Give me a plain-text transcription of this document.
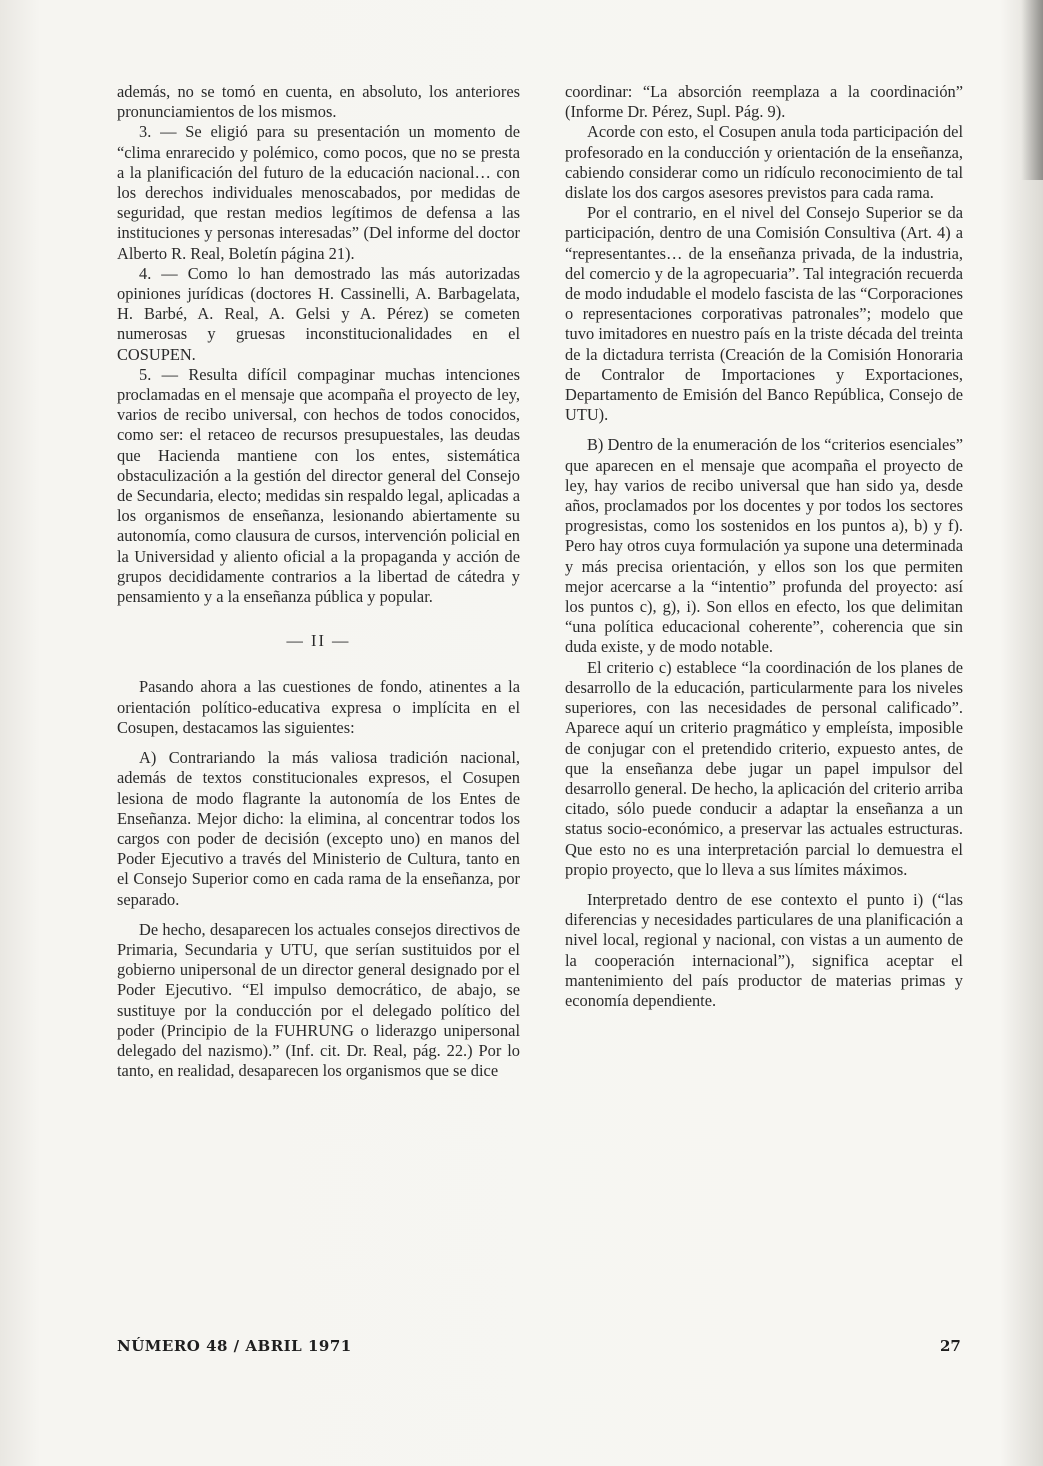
además, no se tomó en cuenta, en absoluto, los anteriores pronunciamientos de los mismos.

3. — Se eligió para su presentación un momento de “clima enrarecido y polémico, como pocos, que no se presta a la planificación del futuro de la educación nacional… con los derechos individuales menoscabados, por medidas de seguridad, que restan medios legítimos de defensa a las instituciones y personas interesadas” (Del informe del doctor Alberto R. Real, Boletín página 21).

4. — Como lo han demostrado las más autorizadas opiniones jurídicas (doctores H. Cassinelli, A. Barbagelata, H. Barbé, A. Real, A. Gelsi y A. Pérez) se cometen numerosas y gruesas inconstitucionalidades en el COSUPEN.

5. — Resulta difícil compaginar muchas intenciones proclamadas en el mensaje que acompaña el proyecto de ley, varios de recibo universal, con hechos de todos conocidos, como ser: el retaceo de recursos presupuestales, las deudas que Hacienda mantiene con los entes, sistemática obstaculización a la gestión del director general del Consejo de Secundaria, electo; medidas sin respaldo legal, aplicadas a los organismos de enseñanza, lesionando abiertamente su autonomía, como clausura de cursos, intervención policial en la Universidad y aliento oficial a la propaganda y acción de grupos decididamente contrarios a la libertad de cátedra y pensamiento y a la enseñanza pública y popular.

— II —

Pasando ahora a las cuestiones de fondo, atinentes a la orientación político-educativa expresa o implícita en el Cosupen, destacamos las siguientes:

A) Contrariando la más valiosa tradición nacional, además de textos constitucionales expresos, el Cosupen lesiona de modo flagrante la autonomía de los Entes de Enseñanza. Mejor dicho: la elimina, al concentrar todos los cargos con poder de decisión (excepto uno) en manos del Poder Ejecutivo a través del Ministerio de Cultura, tanto en el Consejo Superior como en cada rama de la enseñanza, por separado.

De hecho, desaparecen los actuales consejos directivos de Primaria, Secundaria y UTU, que serían sustituidos por el gobierno unipersonal de un director general designado por el Poder Ejecutivo. “El impulso democrático, de abajo, se sustituye por la conducción por el delegado político del poder (Principio de la FUHRUNG o liderazgo unipersonal delegado del nazismo).” (Inf. cit. Dr. Real, pág. 22.) Por lo tanto, en realidad, desaparecen los organismos que se dice

coordinar: “La absorción reemplaza a la coordinación” (Informe Dr. Pérez, Supl. Pág. 9).

Acorde con esto, el Cosupen anula toda participación del profesorado en la conducción y orientación de la enseñanza, cabiendo considerar como un ridículo reconocimiento de tal dislate los dos cargos asesores previstos para cada rama.

Por el contrario, en el nivel del Consejo Superior se da participación, dentro de una Comisión Consultiva (Art. 4) a “representantes… de la enseñanza privada, de la industria, del comercio y de la agropecuaria”. Tal integración recuerda de modo indudable el modelo fascista de las “Corporaciones o representaciones corporativas patronales”; modelo que tuvo imitadores en nuestro país en la triste década del treinta de la dictadura terrista (Creación de la Comisión Honoraria de Contralor de Importaciones y Exportaciones, Departamento de Emisión del Banco República, Consejo de UTU).

B) Dentro de la enumeración de los “criterios esenciales” que aparecen en el mensaje que acompaña el proyecto de ley, hay varios de recibo universal que han sido ya, desde años, proclamados por los docentes y por todos los sectores progresistas, como los sostenidos en los puntos a), b) y f). Pero hay otros cuya formulación ya supone una determinada y más precisa orientación, y ellos son los que permiten mejor acercarse a la “intentio” profunda del proyecto: así los puntos c), g), i). Son ellos en efecto, los que delimitan “una política educacional coherente”, coherencia que sin duda existe, y de modo notable.

El criterio c) establece “la coordinación de los planes de desarrollo de la educación, particularmente para los niveles superiores, con las necesidades de personal calificado”. Aparece aquí un criterio pragmático y empleísta, imposible de conjugar con el pretendido criterio, expuesto antes, de que la enseñanza debe jugar un papel impulsor del desarrollo general. De hecho, la aplicación del criterio arriba citado, sólo puede conducir a adaptar la enseñanza a un status socio-económico, a preservar las actuales estructuras. Que esto no es una interpretación parcial lo demuestra el propio proyecto, que lo lleva a sus límites máximos.

Interpretado dentro de ese contexto el punto i) (“las diferencias y necesidades particulares de una planificación a nivel local, regional y nacional, con vistas a un aumento de la cooperación internacional”), significa aceptar el mantenimiento del país productor de materias primas y economía dependiente.

NÚMERO 48 / ABRIL 1971	27
